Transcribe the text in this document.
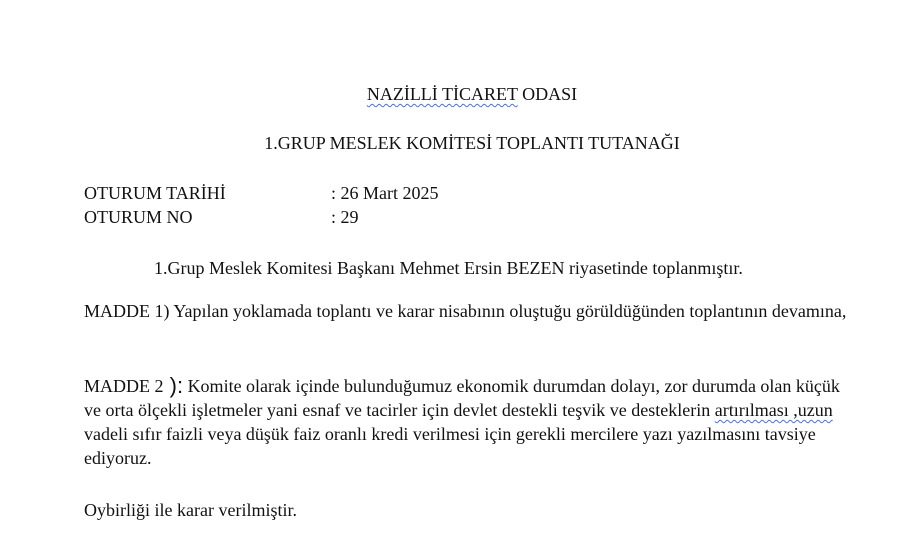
NAZİLLİ TİCARET ODASI
1.GRUP MESLEK KOMİTESİ TOPLANTI TUTANAĞI
OTURUM TARİHİ	: 26 Mart 2025
OTURUM NO	: 29
1.Grup Meslek Komitesi Başkanı Mehmet Ersin BEZEN riyasetinde toplanmıştır.
MADDE 1) Yapılan yoklamada toplantı ve karar nisabının oluştuğu görüldüğünden toplantının devamına,
MADDE 2 ): Komite olarak içinde bulunduğumuz ekonomik durumdan dolayı, zor durumda olan küçük ve orta ölçekli işletmeler yani esnaf ve tacirler için devlet destekli teşvik ve desteklerin artırılması ,uzun vadeli sıfır faizli veya düşük faiz oranlı kredi verilmesi için gerekli mercilere yazı yazılmasını tavsiye ediyoruz.
Oybirliği ile karar verilmiştir.
